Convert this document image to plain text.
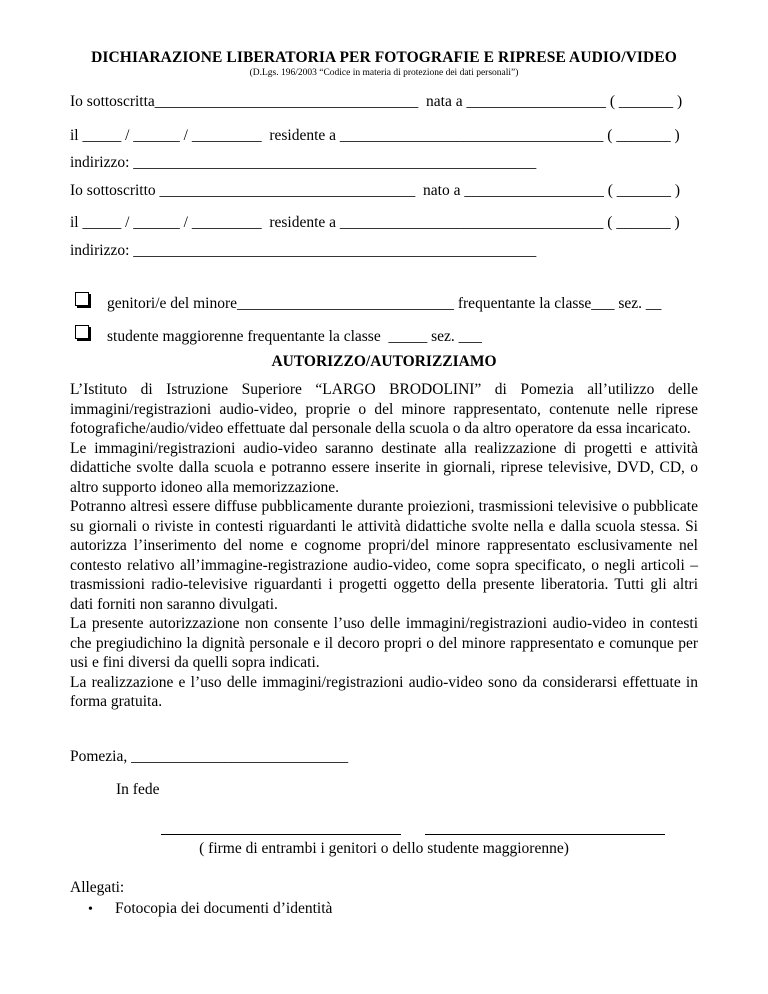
DICHIARAZIONE LIBERATORIA PER FOTOGRAFIE E RIPRESE AUDIO/VIDEO
(D.Lgs. 196/2003 “Codice in materia di protezione dei dati personali”)
Io sottoscritta__________________________________  nata a __________________ ( _______ )
il _____ / ______ / _________  residente a __________________________________ ( _______ )
indirizzo: ____________________________________________________
Io sottoscritto _________________________________  nato a __________________ ( _______ )
il _____ / ______ / _________  residente a __________________________________ ( _______ )
indirizzo: ____________________________________________________
genitori/e del minore____________________________ frequentante la classe___ sez. __
studente maggiorenne frequentante la classe  _____ sez. ___
AUTORIZZO/AUTORIZZIAMO

L’Istituto di Istruzione Superiore “LARGO BRODOLINI” di Pomezia all’utilizzo delle immagini/registrazioni audio-video, proprie o del minore rappresentato, contenute nelle riprese fotografiche/audio/video effettuate dal personale della scuola o da altro operatore da essa incaricato.

Le immagini/registrazioni audio-video saranno destinate alla realizzazione di progetti e attività didattiche svolte dalla scuola e potranno essere inserite in giornali, riprese televisive, DVD, CD, o altro supporto idoneo alla memorizzazione.

Potranno altresì essere diffuse pubblicamente durante proiezioni, trasmissioni televisive o pubblicate su giornali o riviste in contesti riguardanti le attività didattiche svolte nella e dalla scuola stessa. Si autorizza l’inserimento del nome e cognome propri/del minore rappresentato esclusivamente nel contesto relativo all’immagine-registrazione audio-video, come sopra specificato, o negli articoli – trasmissioni radio-televisive riguardanti i progetti oggetto della presente liberatoria. Tutti gli altri dati forniti non saranno divulgati.

La presente autorizzazione non consente l’uso delle immagini/registrazioni audio-video in contesti che pregiudichino la dignità personale e il decoro propri o del minore rappresentato e comunque per usi e fini diversi da quelli sopra indicati.

La realizzazione e l’uso delle immagini/registrazioni audio-video sono da considerarsi effettuate in forma gratuita.

Pomezia, ____________________________
In fede
( firme di entrambi i genitori o dello studente maggiorenne)
Allegati:
• Fotocopia dei documenti d’identità
